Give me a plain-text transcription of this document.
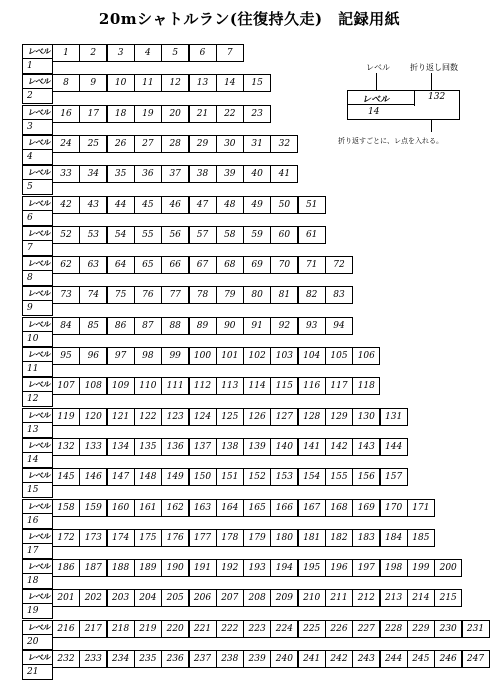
20mシャトルラン(往復持久走)　記録用紙
レベル
1
1	2	3	4	5	6	7
レベル
2
8	9	10	11	12	13	14	15
レベル
3
16	17	18	19	20	21	22	23
レベル
4
24	25	26	27	28	29	30	31	32
レベル
5
33	34	35	36	37	38	39	40	41
レベル
6
42	43	44	45	46	47	48	49	50	51
レベル
7
52	53	54	55	56	57	58	59	60	61
レベル
8
62	63	64	65	66	67	68	69	70	71	72
レベル
9
73	74	75	76	77	78	79	80	81	82	83
レベル
10
84	85	86	87	88	89	90	91	92	93	94
レベル
11
95	96	97	98	99	100	101	102	103	104	105	106
レベル
12
107	108	109	110	111	112	113	114	115	116	117	118
レベル
13
119	120	121	122	123	124	125	126	127	128	129	130	131
レベル
14
132	133	134	135	136	137	138	139	140	141	142	143	144
レベル
15
145	146	147	148	149	150	151	152	153	154	155	156	157
レベル
16
158	159	160	161	162	163	164	165	166	167	168	169	170	171
レベル
17
172	173	174	175	176	177	178	179	180	181	182	183	184	185
レベル
18
186	187	188	189	190	191	192	193	194	195	196	197	198	199	200
レベル
19
201	202	203	204	205	206	207	208	209	210	211	212	213	214	215
レベル
20
216	217	218	219	220	221	222	223	224	225	226	227	228	229	230	231
レベル
21
232	233	234	235	236	237	238	239	240	241	242	243	244	245	246	247
レベル	折り返し回数
レベル	132
14
折り返すごとに、レ点を入れる。
